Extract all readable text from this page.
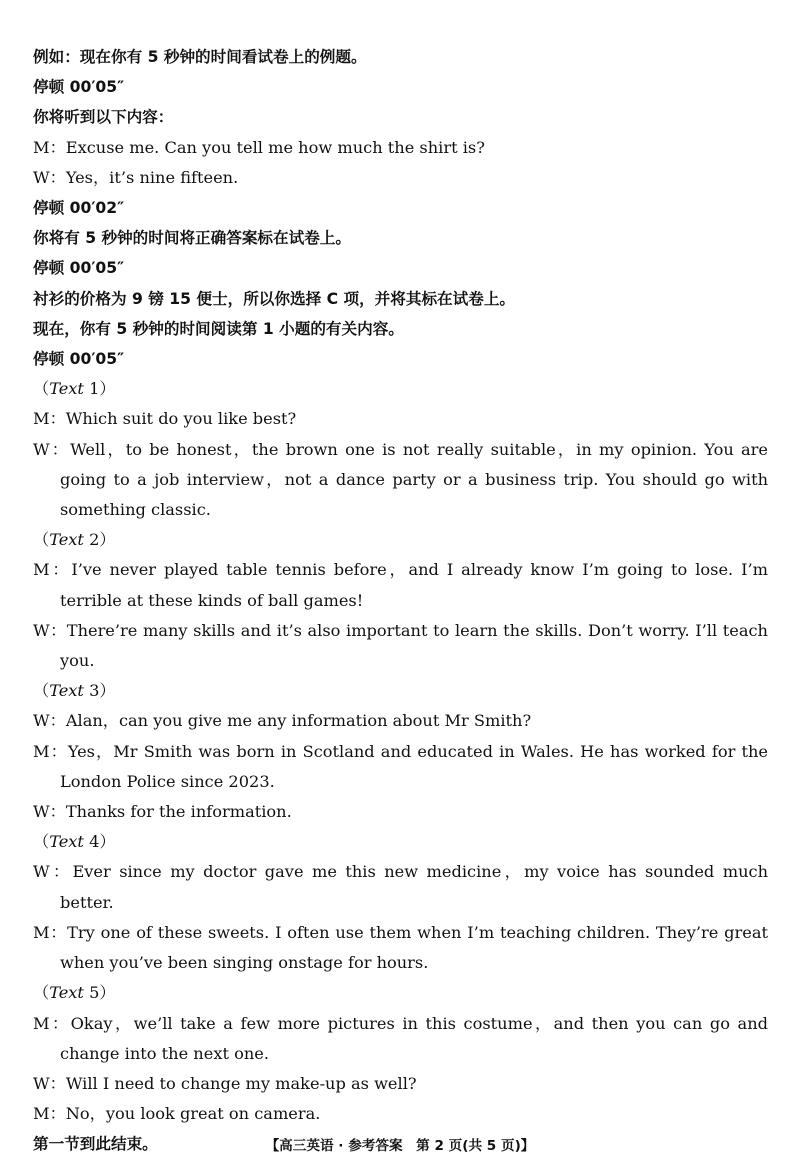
例如：现在你有 5 秒钟的时间看试卷上的例题。
停顿 00′05″
你将听到以下内容：
M：Excuse me. Can you tell me how much the shirt is?
W：Yes，it’s nine fifteen.
停顿 00′02″
你将有 5 秒钟的时间将正确答案标在试卷上。
停顿 00′05″
衬衫的价格为 9 镑 15 便士，所以你选择 C 项，并将其标在试卷上。
现在，你有 5 秒钟的时间阅读第 1 小题的有关内容。
停顿 00′05″
（Text 1）
M：Which suit do you like best?
W：Well，to be honest，the brown one is not really suitable，in my opinion. You are going to a job interview，not a dance party or a business trip. You should go with something classic.
（Text 2）
M：I’ve never played table tennis before，and I already know I’m going to lose. I’m terrible at these kinds of ball games!
W：There’re many skills and it’s also important to learn the skills. Don’t worry. I’ll teach you.
（Text 3）
W：Alan，can you give me any information about Mr Smith?
M：Yes，Mr Smith was born in Scotland and educated in Wales. He has worked for the London Police since 2023.
W：Thanks for the information.
（Text 4）
W：Ever since my doctor gave me this new medicine，my voice has sounded much better.
M：Try one of these sweets. I often use them when I’m teaching children. They’re great when you’ve been singing onstage for hours.
（Text 5）
M：Okay，we’ll take a few more pictures in this costume，and then you can go and change into the next one.
W：Will I need to change my make-up as well?
M：No，you look great on camera.
第一节到此结束。	【高三英语 · 参考答案　第 2 页(共 5 页)】
